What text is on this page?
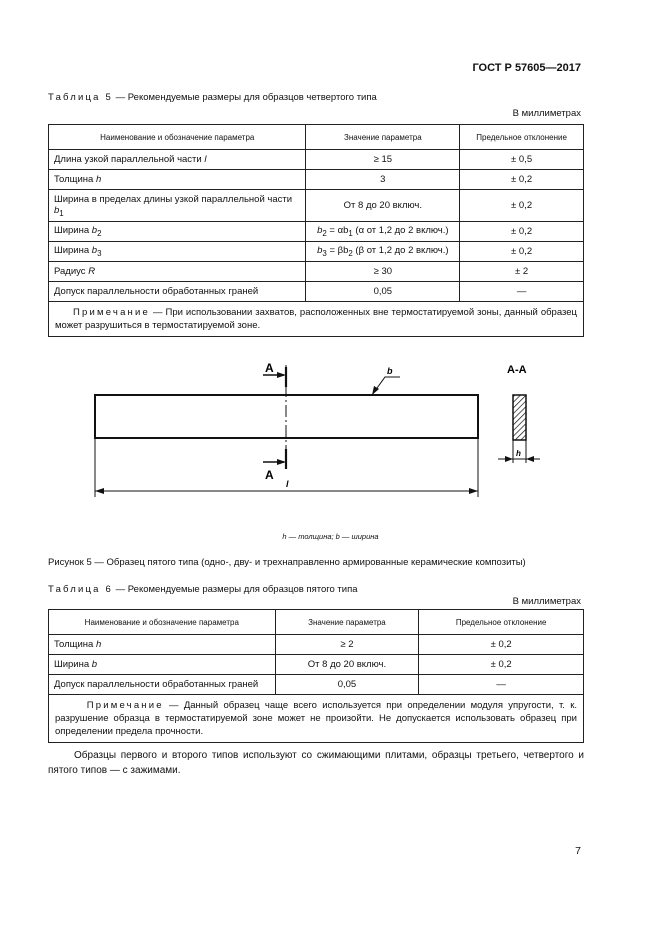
ГОСТ Р 57605—2017
Таблица 5 — Рекомендуемые размеры для образцов четвертого типа
В миллиметрах
Наименование и обозначение параметра	Значение параметра	Предельное отклонение
Длина узкой параллельной части l	≥ 15	± 0,5
Толщина h	3	± 0,2
Ширина в пределах длины узкой параллельной части $b_1$	От 8 до 20 включ.	± 0,2
Ширина $b_2$	$b_2 = \alpha b_1$ (α от 1,2 до 2 включ.)	± 0,2
Ширина $b_3$	$b_3 = \beta b_2$ (β от 1,2 до 2 включ.)	± 0,2
Радиус R	≥ 30	± 2
Допуск параллельности обработанных граней	0,05	—
Примечание — При использовании захватов, расположенных вне термостатируемой зоны, данный образец может разрушиться в термостатируемой зоне.		
A
A
b
l
A-A
h
h — толщина; b — ширина
Рисунок 5 — Образец пятого типа (одно-, дву- и трехнаправленно армированные керамические композиты)
Таблица 6 — Рекомендуемые размеры для образцов пятого типа
В миллиметрах
Наименование и обозначение параметра	Значение параметра	Предельное отклонение
Толщина h	≥ 2	± 0,2
Ширина b	От 8 до 20 включ.	± 0,2
Допуск параллельности обработанных граней	0,05	—
Примечание — Данный образец чаще всего используется при определении модуля упругости, т. к. разрушение образца в термостатируемой зоне может не произойти. Не допускается использовать образец при определении предела прочности.		
Образцы первого и второго типов используют со сжимающими плитами, образцы третьего, четвертого и пятого типов — с зажимами.
7
